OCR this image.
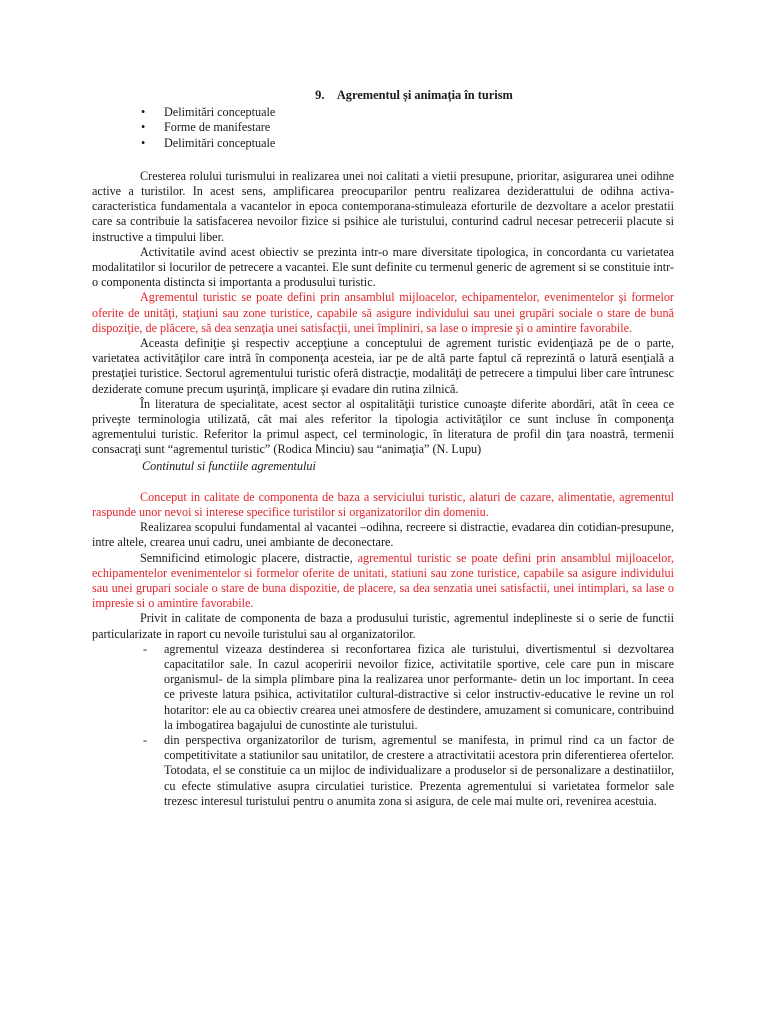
9. Agrementul și animația în turism
• Delimitări conceptuale
• Forme de manifestare
• Delimitări conceptuale

Cresterea rolului turismului in realizarea unei noi calitati a vietii presupune, prioritar, asigurarea unei odihne active a turistilor. In acest sens, amplificarea preocuparilor pentru realizarea deziderattului de odihna activa-caracteristica fundamentala a vacantelor in epoca contemporana-stimuleaza eforturile de dezvoltare a acelor prestatii care sa contribuie la satisfacerea nevoilor fizice si psihice ale turistului, conturind cadrul necesar petrecerii placute si instructive a timpului liber.

Activitatile avind acest obiectiv se prezinta intr-o mare diversitate tipologica, in concordanta cu varietatea modalitatilor si locurilor de petrecere a vacantei. Ele sunt definite cu termenul generic de agrement si se constituie intr-o componenta distincta si importanta a produsului turistic.

Agrementul turistic se poate defini prin ansamblul mijloacelor, echipamentelor, evenimentelor şi formelor oferite de unităţi, staţiuni sau zone turistice, capabile să asigure individului sau unei grupări sociale o stare de bună dispoziţie, de plăcere, să dea senzaţia unei satisfacţii, unei împliniri, sa lase o impresie şi o amintire favorabile.

Aceasta definiţie şi respectiv accepţiune a conceptului de agrement turistic evidenţiază pe de o parte, varietatea activităţilor care intră în componenţa acesteia, iar pe de altă parte faptul că reprezintă o latură esenţială a prestaţiei turistice. Sectorul agrementului turistic oferă distracţie, modalităţi de petrecere a timpului liber care întrunesc deziderate comune precum uşurinţă, implicare şi evadare din rutina zilnică.

În literatura de specialitate, acest sector al ospitalităţii turistice cunoaşte diferite abordări, atât în ceea ce priveşte terminologia utilizată, cât mai ales referitor la tipologia activităţilor ce sunt incluse în componenţa agrementului turistic. Referitor la primul aspect, cel terminologic, în literatura de profil din ţara noastră, termenii consacraţi sunt “agrementul turistic” (Rodica Minciu) sau “animaţia” (N. Lupu)

Continutul si functiile agrementului

Conceput in calitate de componenta de baza a serviciului turistic, alaturi de cazare, alimentatie, agrementul raspunde unor nevoi si interese specifice turistilor si organizatorilor din domeniu.

Realizarea scopului fundamental al vacantei –odihna, recreere si distractie, evadarea din cotidian-presupune, intre altele, crearea unui cadru, unei ambiante de deconectare.

Semnificind etimologic placere, distractie, agrementul turistic se poate defini prin ansamblul mijloacelor, echipamentelor evenimentelor si formelor oferite de unitati, statiuni sau zone turistice, capabile sa asigure individului sau unei grupari sociale o stare de buna dispozitie, de placere, sa dea senzatia unei satisfactii, unei intimplari, sa lase o impresie si o amintire favorabile.

Privit in calitate de componenta de baza a produsului turistic, agrementul indeplineste si o serie de functii particularizate in raport cu nevoile turistului sau al organizatorilor.

- agrementul vizeaza destinderea si reconfortarea fizica ale turistului, divertismentul si dezvoltarea capacitatilor sale. In cazul acoperirii nevoilor fizice, activitatile sportive, cele care pun in miscare organismul- de la simpla plimbare pina la realizarea unor performante- detin un loc important. In ceea ce priveste latura psihica, activitatilor cultural-distractive si celor instructiv-educative le revine un rol hotaritor: ele au ca obiectiv crearea unei atmosfere de destindere, amuzament si comunicare, contribuind la imbogatirea bagajului de cunostinte ale turistului.
- din perspectiva organizatorilor de turism, agrementul se manifesta, in primul rind ca un factor de competitivitate a statiunilor sau unitatilor, de crestere a atractivitatii acestora prin diferentierea ofertelor. Totodata, el se constituie ca un mijloc de individualizare a produselor si de personalizare a destinatiilor, cu efecte stimulative asupra circulatiei turistice. Prezenta agrementului si varietatea formelor sale trezesc interesul turistului pentru o anumita zona si asigura, de cele mai multe ori, revenirea acestuia.
